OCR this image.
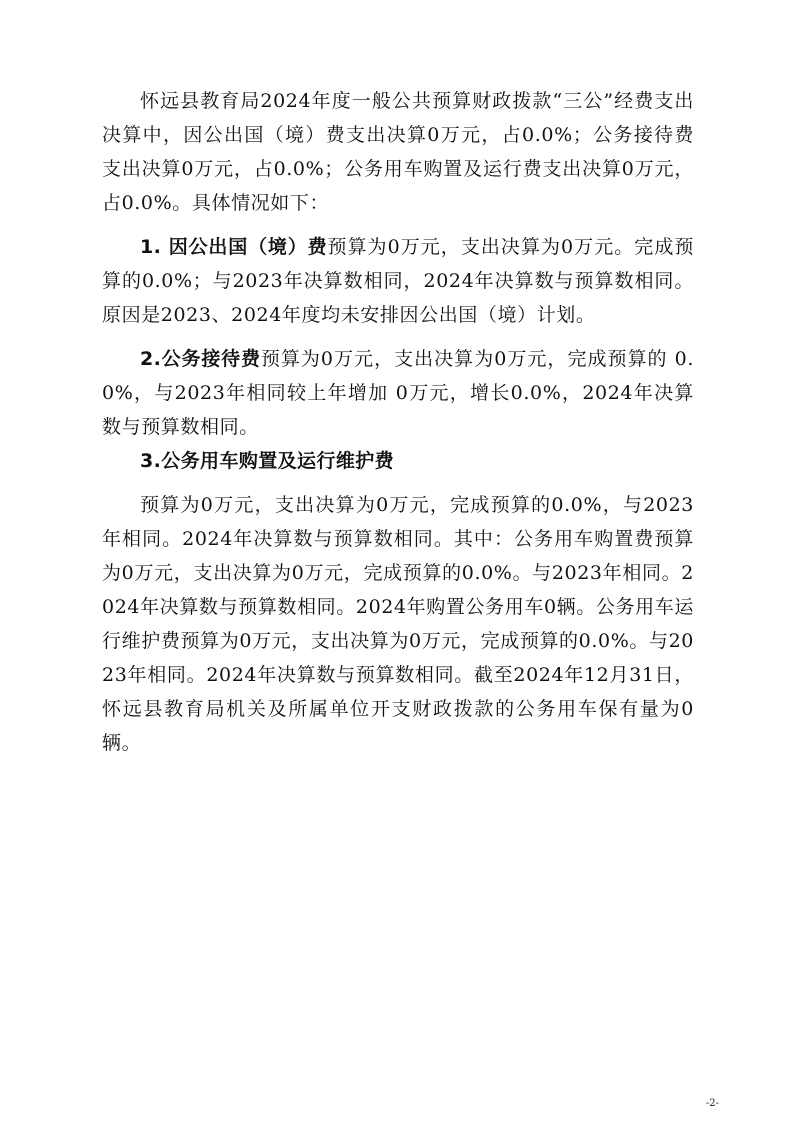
怀远县教育局2024年度一般公共预算财政拨款“三公”经费支出决算中，因公出国（境）费支出决算0万元，占0.0%；公务接待费支出决算0万元，占0.0%；公务用车购置及运行费支出决算0万元，占0.0%。具体情况如下：

1. 因公出国（境）费预算为0万元，支出决算为0万元。完成预算的0.0%；与2023年决算数相同，2024年决算数与预算数相同。原因是2023、2024年度均未安排因公出国（境）计划。

2.公务接待费预算为0万元，支出决算为0万元，完成预算的 0.0%，与2023年相同较上年增加 0万元，增长0.0%，2024年决算数与预算数相同。

3.公务用车购置及运行维护费

预算为0万元，支出决算为0万元，完成预算的0.0%，与2023年相同。2024年决算数与预算数相同。其中：公务用车购置费预算为0万元，支出决算为0万元，完成预算的0.0%。与2023年相同。2024年决算数与预算数相同。2024年购置公务用车0辆。公务用车运行维护费预算为0万元，支出决算为0万元，完成预算的0.0%。与2023年相同。2024年决算数与预算数相同。截至2024年12月31日，怀远县教育局机关及所属单位开支财政拨款的公务用车保有量为0辆。

-2-
